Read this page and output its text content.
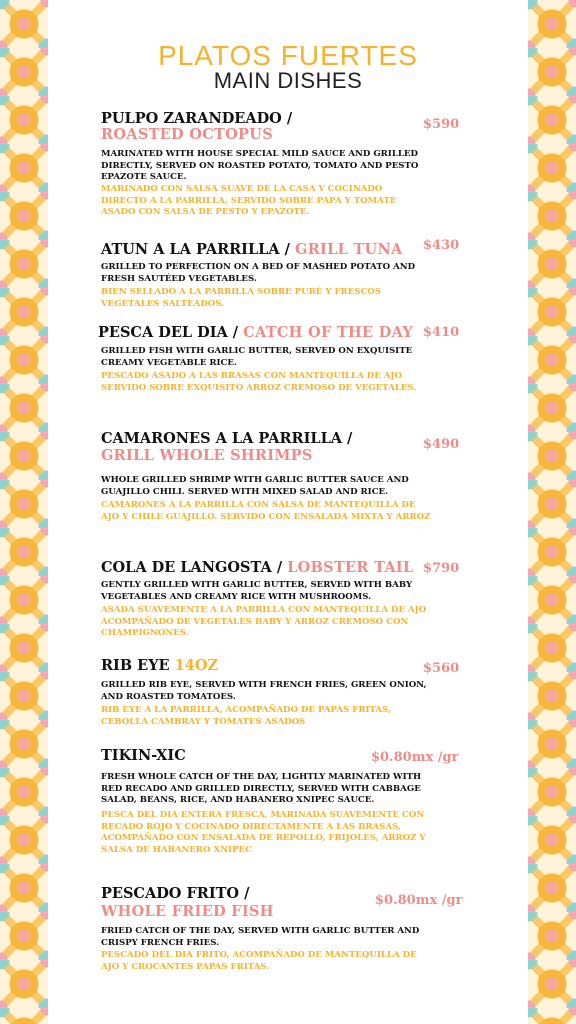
PLATOS FUERTES
MAIN DISHES
PULPO ZARANDEADO /
ROASTED OCTOPUS
$590
MARINATED WITH HOUSE SPECIAL MILD SAUCE AND GRILLED DIRECTLY, SERVED ON ROASTED POTATO, TOMATO AND PESTO EPAZOTE SAUCE.
MARINADO CON SALSA SUAVE DE LA CASA Y COCINADO DIRECTO A LA PARRILLA, SERVIDO SOBRE PAPA Y TOMATE ASADO CON SALSA DE PESTO Y EPAZOTE.
ATUN A LA PARRILLA / GRILL TUNA $430
GRILLED TO PERFECTION ON A BED OF MASHED POTATO AND FRESH SAUTÉED VEGETABLES.
BIEN SELLADO A LA PARRILLA SOBRE PURÉ Y FRESCOS VEGETALES SALTEADOS.
PESCA DEL DIA / CATCH OF THE DAY $410
GRILLED FISH WITH GARLIC BUTTER, SERVED ON EXQUISITE CREAMY VEGETABLE RICE.
PESCADO ASADO A LAS BRASAS CON MANTEQUILLA DE AJO SERVIDO SOBRE EXQUISITO ARROZ CREMOSO DE VEGETALES.
CAMARONES A LA PARRILLA /
GRILL WHOLE SHRIMPS
$490
WHOLE GRILLED SHRIMP WITH GARLIC BUTTER SAUCE AND GUAJILLO CHILI. SERVED WITH MIXED SALAD AND RICE.
CAMARONES A LA PARRILLA CON SALSA DE MANTEQUILLA DE AJO Y CHILE GUAJILLO. SERVIDO CON ENSALADA MIXTA Y ARROZ
COLA DE LANGOSTA / LOBSTER TAIL $790
GENTLY GRILLED WITH GARLIC BUTTER, SERVED WITH BABY VEGETABLES AND CREAMY RICE WITH MUSHROOMS.
ASADA SUAVEMENTE A LA PARRILLA CON MANTEQUILLA DE AJO ACOMPAÑADO DE VEGETALES BABY Y ARROZ CREMOSO CON CHAMPIGNONES.
RIB EYE 14OZ	$560
GRILLED RIB EYE, SERVED WITH FRENCH FRIES, GREEN ONION, AND ROASTED TOMATOES.
RIB EYE A LA PARRILLA, ACOMPAÑADO DE PAPAS FRITAS, CEBOLLA CAMBRAY Y TOMATES ASADOS
TIKIN-XIC	$0.80mx /gr
FRESH WHOLE CATCH OF THE DAY, LIGHTLY MARINATED WITH RED RECADO AND GRILLED DIRECTLY, SERVED WITH CABBAGE SALAD, BEANS, RICE, AND HABANERO XNIPEC SAUCE.
PESCA DEL DIA ENTERA FRESCA, MARINADA SUAVEMENTE CON RECADO ROJO Y COCINADO DIRECTAMENTE A LAS BRASAS, ACOMPAÑADO CON ENSALADA DE REPOLLO, FRIJOLES, ARROZ Y SALSA DE HABANERO XNIPEC
PESCADO FRITO /
WHOLE FRIED FISH
$0.80mx /gr
FRIED CATCH OF THE DAY, SERVED WITH GARLIC BUTTER AND CRISPY FRENCH FRIES.
PESCADO DEL DIA FRITO, ACOMPAÑADO DE MANTEQUILLA DE AJO Y CROCANTES PAPAS FRITAS.
